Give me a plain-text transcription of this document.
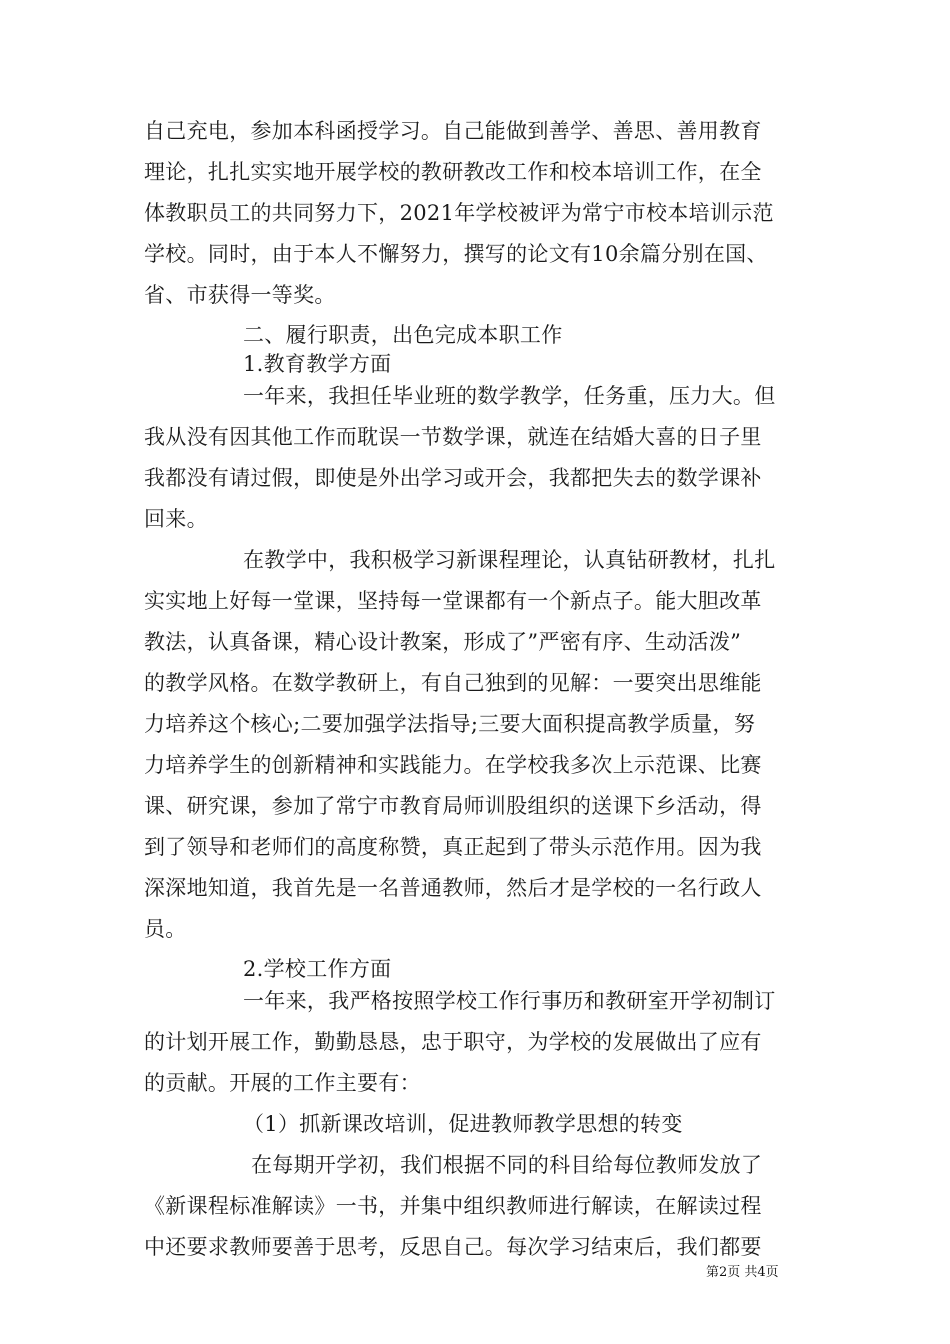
自己充电，参加本科函授学习。自己能做到善学、善思、善用教育
理论，扎扎实实地开展学校的教研教改工作和校本培训工作，在全
体教职员工的共同努力下，2021年学校被评为常宁市校本培训示范
学校。同时，由于本人不懈努力，撰写的论文有10余篇分别在国、
省、市获得一等奖。
二、履行职责，出色完成本职工作
1.教育教学方面
一年来，我担任毕业班的数学教学，任务重，压力大。但
我从没有因其他工作而耽误一节数学课，就连在结婚大喜的日子里
我都没有请过假，即使是外出学习或开会，我都把失去的数学课补
回来。
在教学中，我积极学习新课程理论，认真钻研教材，扎扎
实实地上好每一堂课，坚持每一堂课都有一个新点子。能大胆改革
教法，认真备课，精心设计教案，形成了”严密有序、生动活泼”
的教学风格。在数学教研上，有自己独到的见解：一要突出思维能
力培养这个核心;二要加强学法指导;三要大面积提高教学质量，努
力培养学生的创新精神和实践能力。在学校我多次上示范课、比赛
课、研究课，参加了常宁市教育局师训股组织的送课下乡活动，得
到了领导和老师们的高度称赞，真正起到了带头示范作用。因为我
深深地知道，我首先是一名普通教师，然后才是学校的一名行政人
员。
2.学校工作方面
一年来，我严格按照学校工作行事历和教研室开学初制订
的计划开展工作，勤勤恳恳，忠于职守，为学校的发展做出了应有
的贡献。开展的工作主要有：
（1）抓新课改培训，促进教师教学思想的转变
在每期开学初，我们根据不同的科目给每位教师发放了
《新课程标准解读》一书，并集中组织教师进行解读，在解读过程
中还要求教师要善于思考，反思自己。每次学习结束后，我们都要
第2页 共4页
